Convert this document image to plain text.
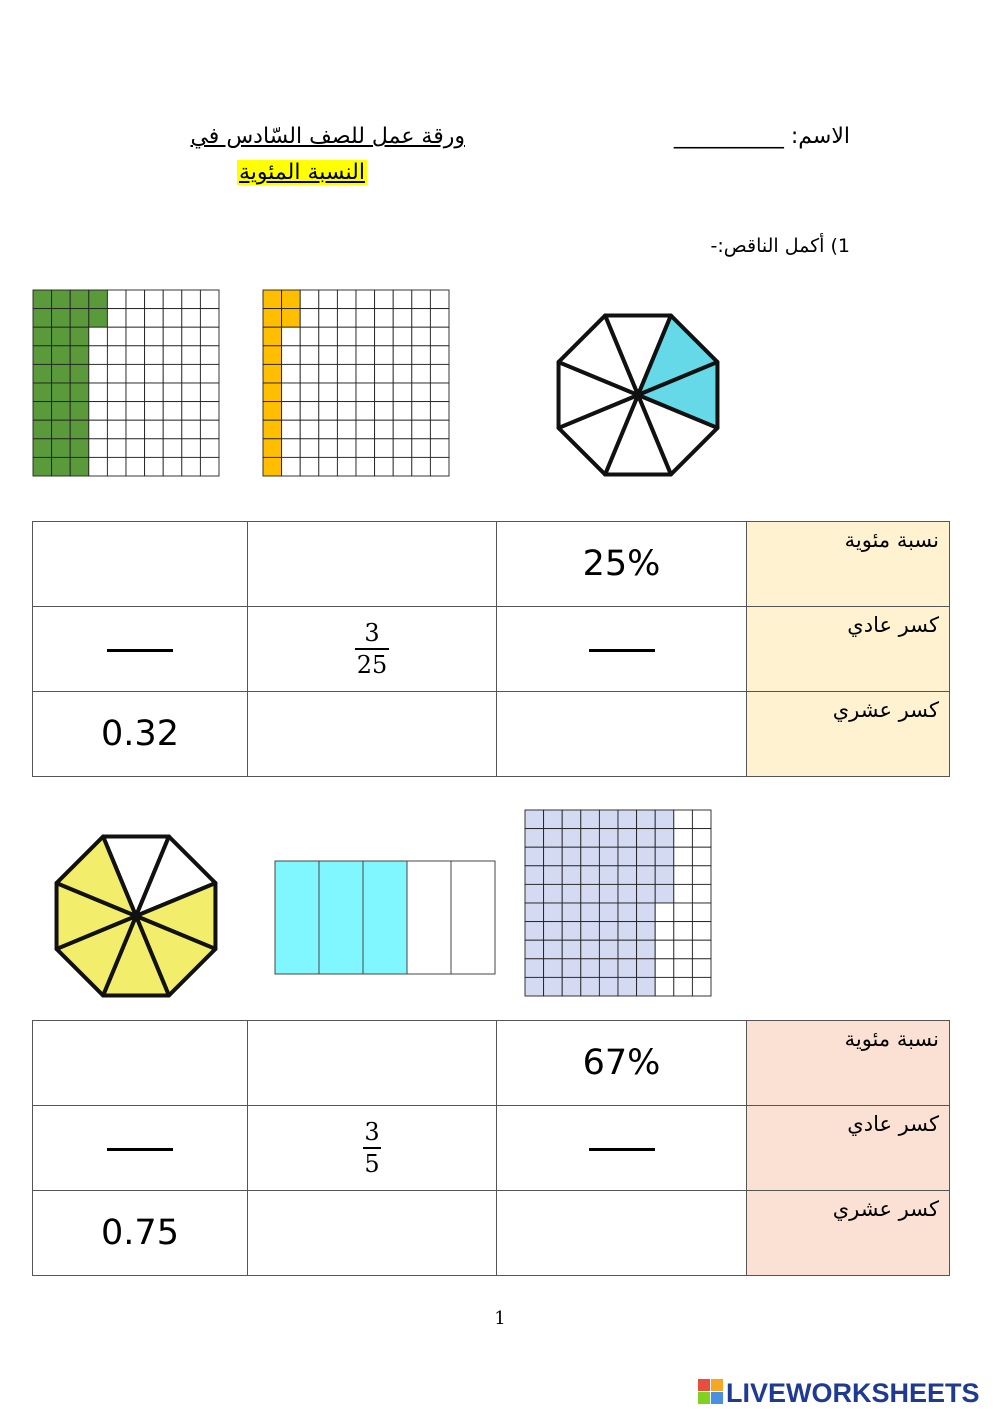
ورقة عمل للصف السّادس في	الاسم: __________
النسبة المئوية
1) أكمل الناقص:-
		25%	نسبة مئوية
	$\frac{3}{25}$		كسر عادي
0.32			كسر عشري
		67%	نسبة مئوية
	$\frac{3}{5}$		كسر عادي
0.75			كسر عشري
1
LIVEWORKSHEETS
